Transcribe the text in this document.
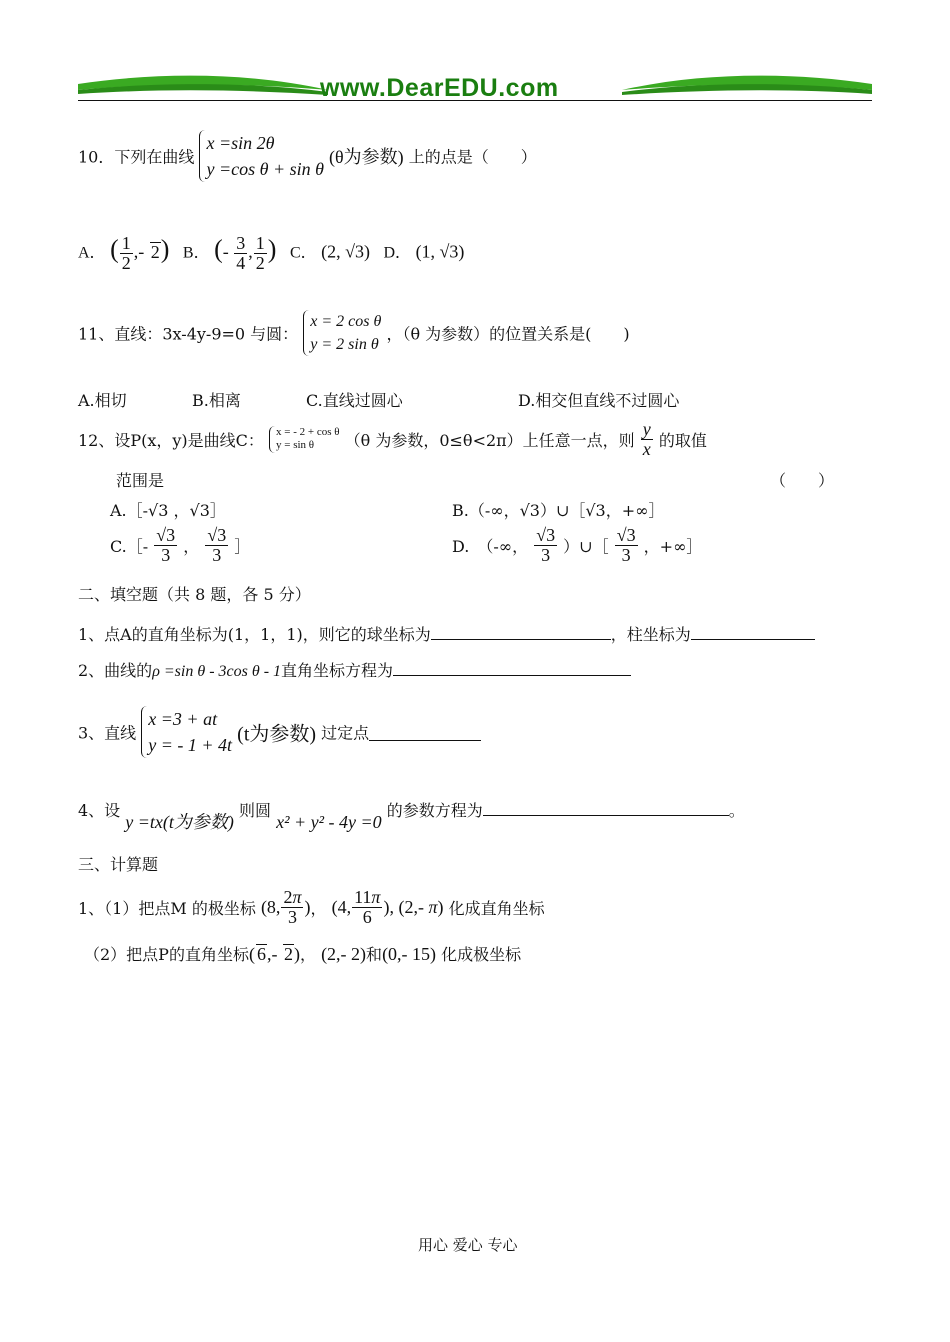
www.DearEDU.com
10．下列在曲线 x =sin 2θ
y =cos θ + sin θ (θ为参数) 上的点是（　　）
A． ( $\frac{1}{2}$ ,- 2) B． (- $\frac{3}{4}$ , $\frac{1}{2}$ ) C． (2, √3) D． (1, √3)
11、直线：3x-4y-9=0 与圆： x = 2 cos θ
y = 2 sin θ ，（θ 为参数）的位置关系是(　　)
A.相切	B.相离	C.直线过圆心	D.相交但直线不过圆心
12、设P(x，y)是曲线C： x = - 2 + cos θ
y = sin θ （θ 为参数，0≤θ<2π）上任意一点，则 $\frac{y}{x}$ 的取值
范围是	（　　）
A.［-√3 ，√3］	B.（-∞，√3）∪［√3，+∞］
C.［- $\frac{√3}{3}$ ， $\frac{√3}{3}$ ］	D.　（-∞， $\frac{√3}{3}$ ）∪［ $\frac{√3}{3}$ ，+∞］
二、填空题（共 8 题，各 5 分）
1、点A的直角坐标为(1，1，1)，则它的球坐标为	，柱坐标为
2、曲线的ρ =sin θ - 3cos θ - 1直角坐标方程为
3、直线 x =3 + at
y = - 1 + 4t (t为参数) 过定点
4、设 y =tx(t为参数) 则圆 x² + y² - 4y =0 的参数方程为	。
三、计算题
1、（1）把点M 的极坐标 (8, $\frac{2\pi}{3}$ )， (4, $\frac{11\pi}{6}$ ), (2,- π) 化成直角坐标
（2）把点P的直角坐标( 6,- 2)， (2,- 2)和(0,- 15) 化成极坐标
用心 爱心 专心
